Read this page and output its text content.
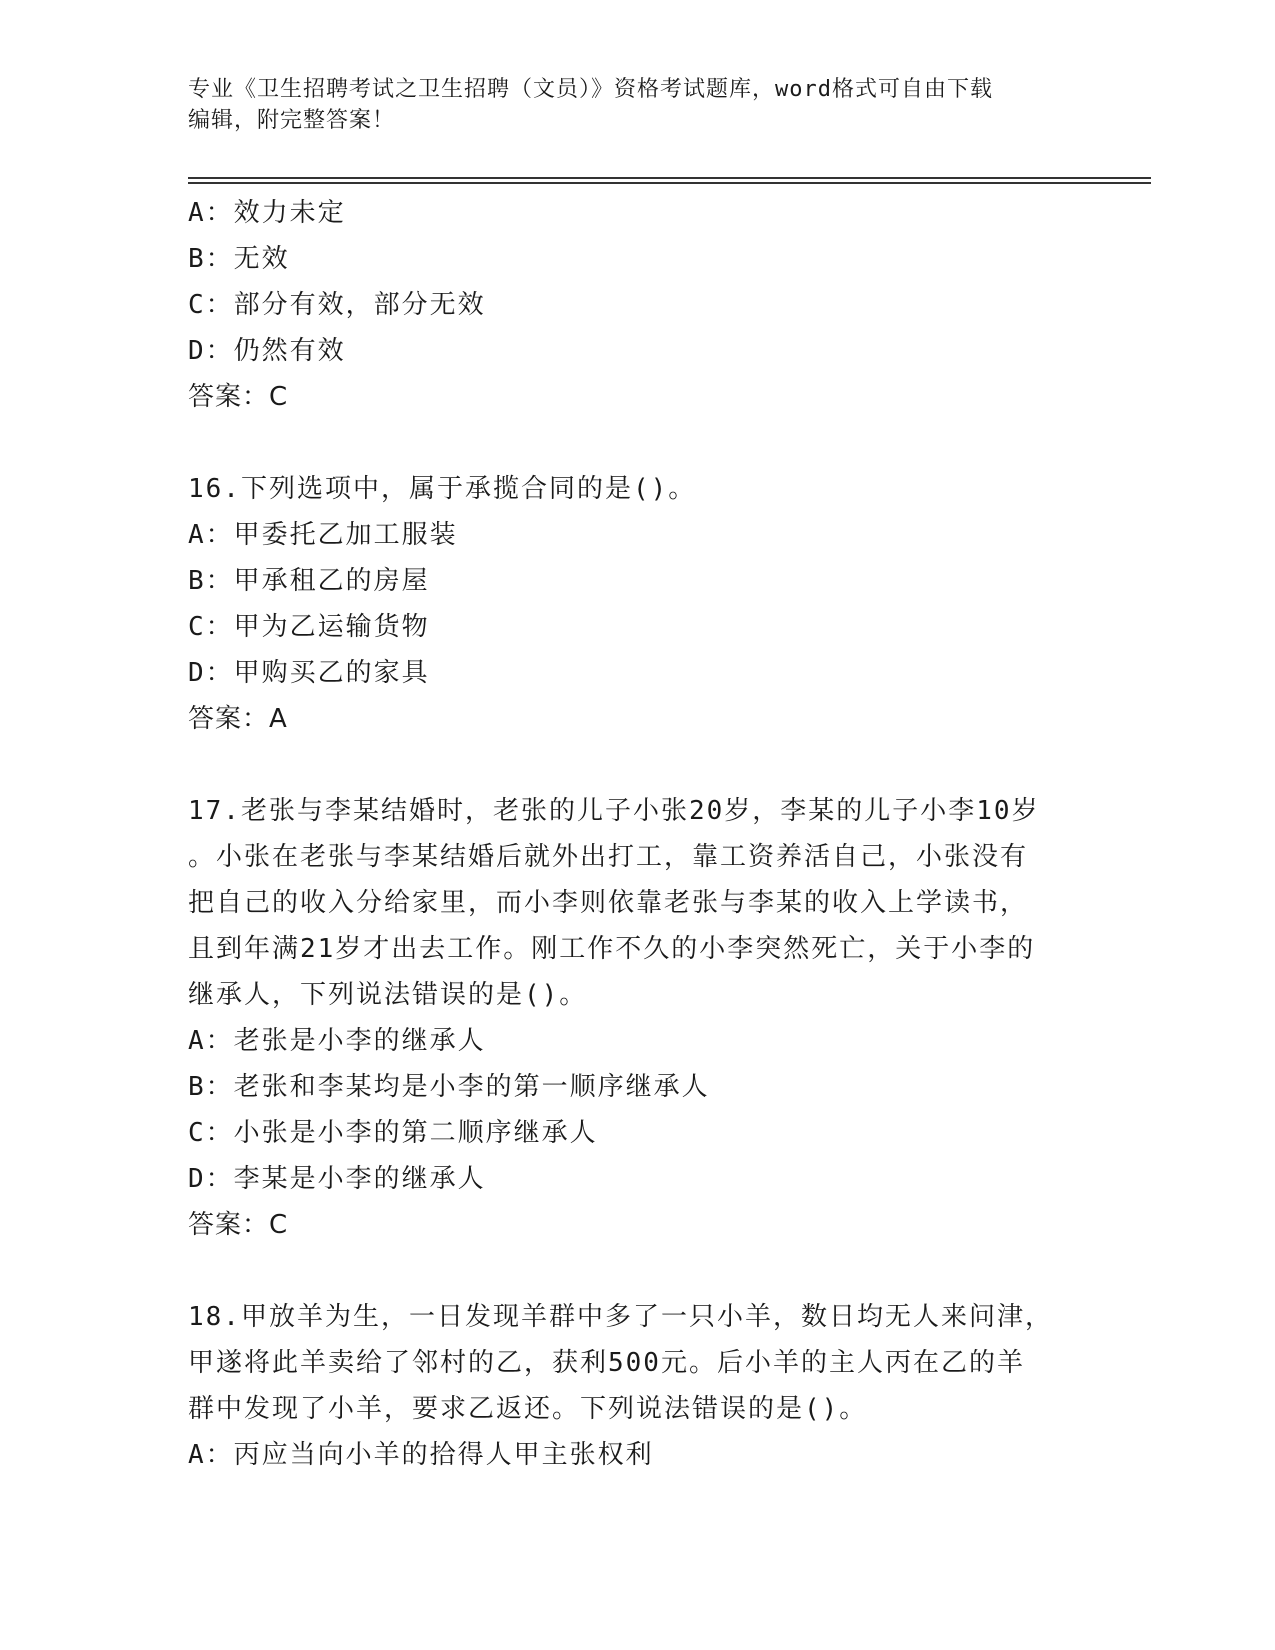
专业《卫生招聘考试之卫生招聘（文员）》资格考试题库，word格式可自由下载
编辑，附完整答案！
A：效力未定
B：无效
C：部分有效，部分无效
D：仍然有效
答案：C
16.下列选项中，属于承揽合同的是()。
A：甲委托乙加工服装
B：甲承租乙的房屋
C：甲为乙运输货物
D：甲购买乙的家具
答案：A
17.老张与李某结婚时，老张的儿子小张20岁，李某的儿子小李10岁
。小张在老张与李某结婚后就外出打工，靠工资养活自己，小张没有
把自己的收入分给家里，而小李则依靠老张与李某的收入上学读书，
且到年满21岁才出去工作。刚工作不久的小李突然死亡，关于小李的
继承人，下列说法错误的是()。
A：老张是小李的继承人
B：老张和李某均是小李的第一顺序继承人
C：小张是小李的第二顺序继承人
D：李某是小李的继承人
答案：C
18.甲放羊为生，一日发现羊群中多了一只小羊，数日均无人来问津，
甲遂将此羊卖给了邻村的乙，获利500元。后小羊的主人丙在乙的羊
群中发现了小羊，要求乙返还。下列说法错误的是()。
A：丙应当向小羊的拾得人甲主张权利
